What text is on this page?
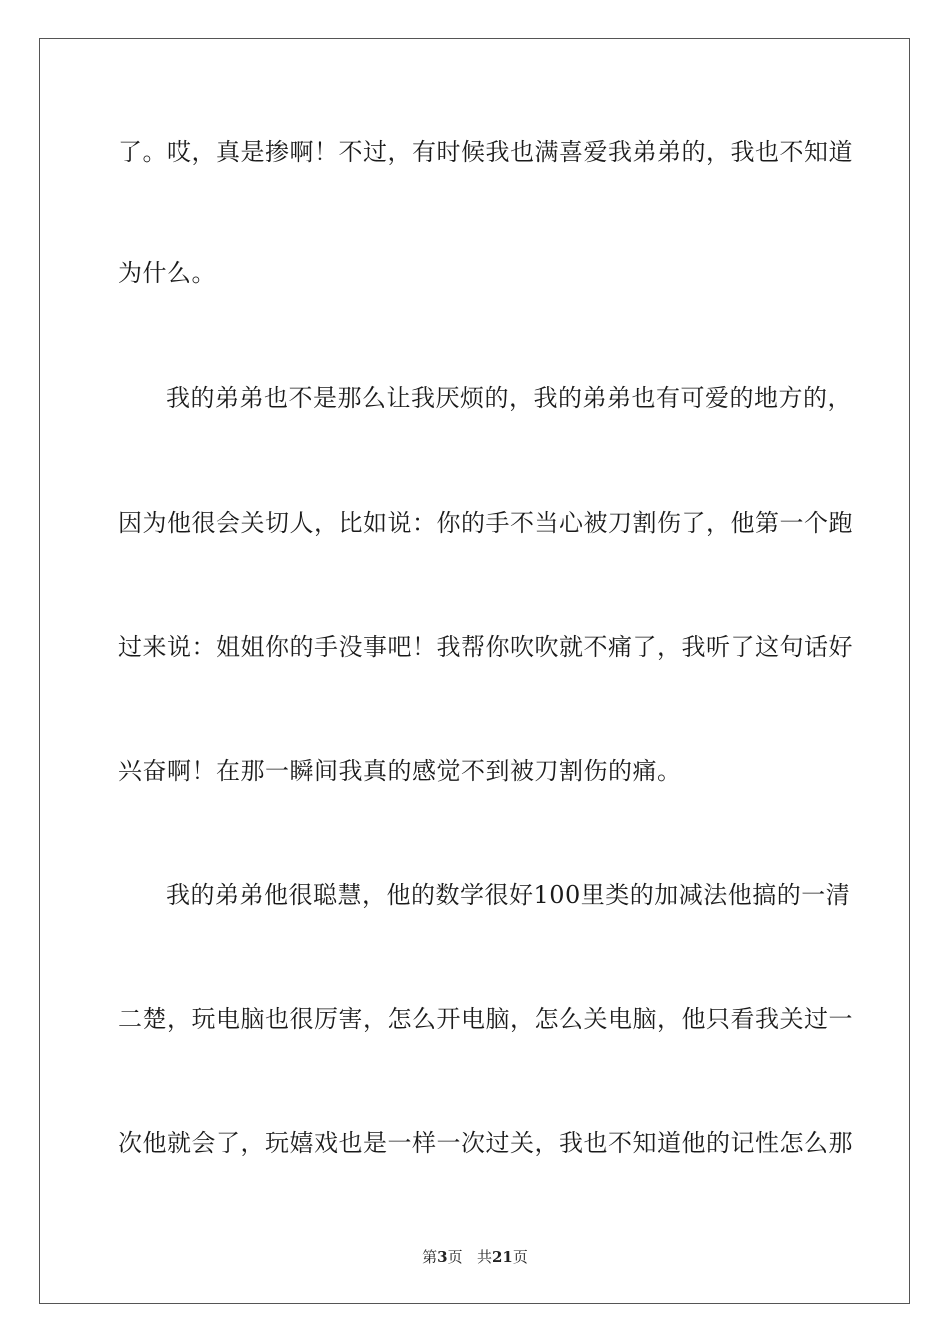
了。哎，真是掺啊！不过，有时候我也满喜爱我弟弟的，我也不知道
为什么。
我的弟弟也不是那么让我厌烦的，我的弟弟也有可爱的地方的，
因为他很会关切人，比如说：你的手不当心被刀割伤了，他第一个跑
过来说：姐姐你的手没事吧！我帮你吹吹就不痛了，我听了这句话好
兴奋啊！在那一瞬间我真的感觉不到被刀割伤的痛。
我的弟弟他很聪慧，他的数学很好100里类的加减法他搞的一清
二楚，玩电脑也很厉害，怎么开电脑，怎么关电脑，他只看我关过一
次他就会了，玩嬉戏也是一样一次过关，我也不知道他的记性怎么那
第3页 共21页
